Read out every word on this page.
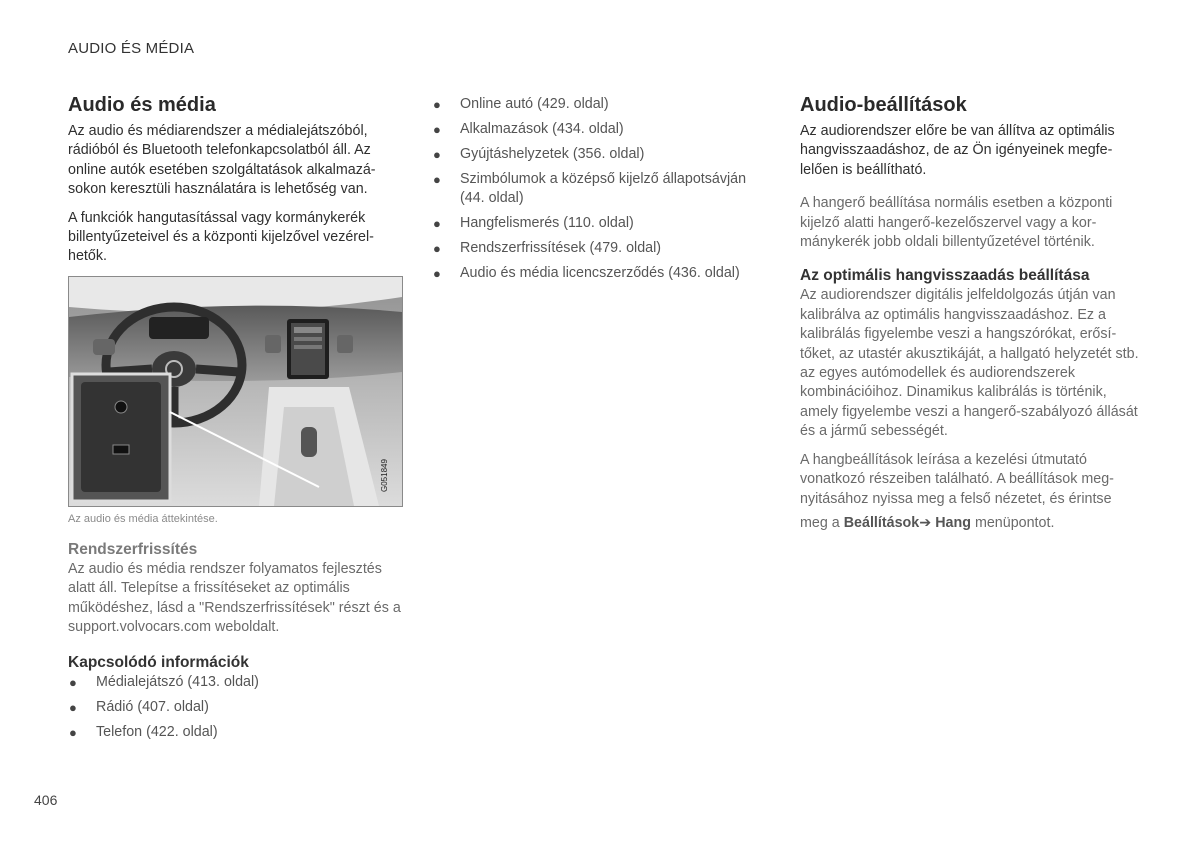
AUDIO ÉS MÉDIA
Audio és média

Az audio és médiarendszer a médialejátszóból, rádióból és Bluetooth telefonkapcsolatból áll. Az online autók esetében szolgáltatások alkalmazá-sokon keresztüli használatára is lehetőség van.

A funkciók hangutasítással vagy kormánykerék billentyűzeteivel és a központi kijelzővel vezérel-hetők.

G051849
Az audio és média áttekintése.
Rendszerfrissítés

Az audio és média rendszer folyamatos fejlesztés alatt áll. Telepítse a frissítéseket az optimális működéshez, lásd a "Rendszerfrissítések" részt és a support.volvocars.com weboldalt.

Kapcsolódó információk
● Médialejátszó (413. oldal)
● Rádió (407. oldal)
● Telefon (422. oldal)
● Online autó (429. oldal)
● Alkalmazások (434. oldal)
● Gyújtáshelyzetek (356. oldal)
● Szimbólumok a középső kijelző állapotsávján (44. oldal)
● Hangfelismerés (110. oldal)
● Rendszerfrissítések (479. oldal)
● Audio és média licencszerződés (436. oldal)
Audio-beállítások

Az audiorendszer előre be van állítva az optimális hangvisszaadáshoz, de az Ön igényeinek megfe-lelően is beállítható.

A hangerő beállítása normális esetben a központi kijelző alatti hangerő-kezelőszervel vagy a kor-mánykerék jobb oldali billentyűzetével történik.

Az optimális hangvisszaadás beállítása

Az audiorendszer digitális jelfeldolgozás útján van kalibrálva az optimális hangvisszaadáshoz. Ez a kalibrálás figyelembe veszi a hangszórókat, erősí-tőket, az utastér akusztikáját, a hallgató helyzetét stb. az egyes autómodellek és audiorendszerek kombinációihoz. Dinamikus kalibrálás is történik, amely figyelembe veszi a hangerő-szabályozó állását és a jármű sebességét.

A hangbeállítások leírása a kezelési útmutató vonatkozó részeiben található. A beállítások meg-nyitásához nyissa meg a felső nézetet, és érintse

meg a Beállítások➔ Hang menüpontot.

406
